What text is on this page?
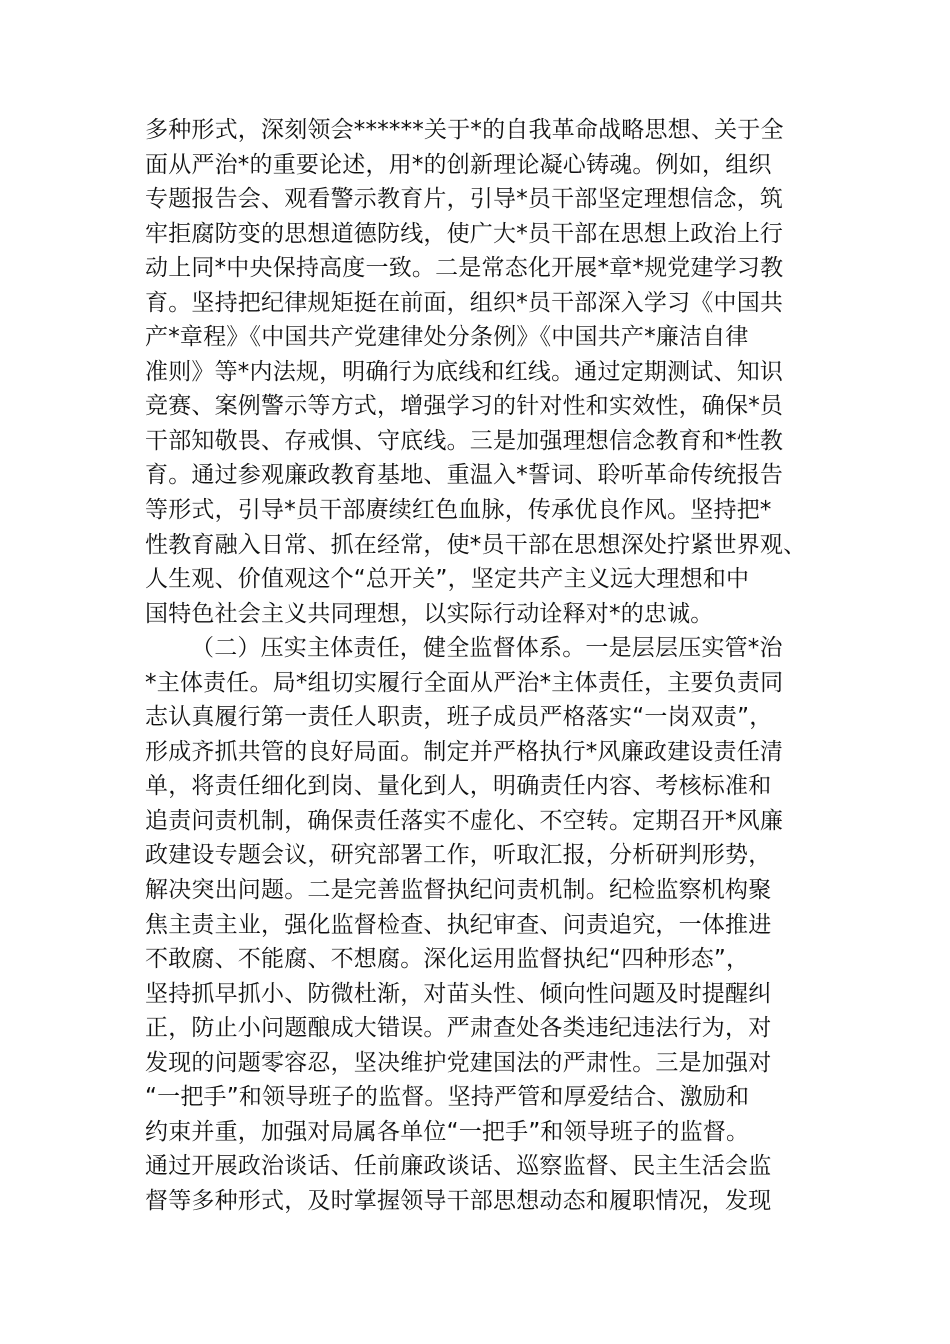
多种形式，深刻领会******关于*的自我革命战略思想、关于全
面从严治*的重要论述，用*的创新理论凝心铸魂。例如，组织
专题报告会、观看警示教育片，引导*员干部坚定理想信念，筑
牢拒腐防变的思想道德防线，使广大*员干部在思想上政治上行
动上同*中央保持高度一致。二是常态化开展*章*规党建学习教
育。坚持把纪律规矩挺在前面，组织*员干部深入学习《中国共
产*章程》《中国共产党建律处分条例》《中国共产*廉洁自律
准则》等*内法规，明确行为底线和红线。通过定期测试、知识
竞赛、案例警示等方式，增强学习的针对性和实效性，确保*员
干部知敬畏、存戒惧、守底线。三是加强理想信念教育和*性教
育。通过参观廉政教育基地、重温入*誓词、聆听革命传统报告
等形式，引导*员干部赓续红色血脉，传承优良作风。坚持把*
性教育融入日常、抓在经常，使*员干部在思想深处拧紧世界观、
人生观、价值观这个“总开关”，坚定共产主义远大理想和中
国特色社会主义共同理想，以实际行动诠释对*的忠诚。
（二）压实主体责任，健全监督体系。一是层层压实管*治
*主体责任。局*组切实履行全面从严治*主体责任，主要负责同
志认真履行第一责任人职责，班子成员严格落实“一岗双责”，
形成齐抓共管的良好局面。制定并严格执行*风廉政建设责任清
单，将责任细化到岗、量化到人，明确责任内容、考核标准和
追责问责机制，确保责任落实不虚化、不空转。定期召开*风廉
政建设专题会议，研究部署工作，听取汇报，分析研判形势，
解决突出问题。二是完善监督执纪问责机制。纪检监察机构聚
焦主责主业，强化监督检查、执纪审查、问责追究，一体推进
不敢腐、不能腐、不想腐。深化运用监督执纪“四种形态”，
坚持抓早抓小、防微杜渐，对苗头性、倾向性问题及时提醒纠
正，防止小问题酿成大错误。严肃查处各类违纪违法行为，对
发现的问题零容忍，坚决维护党建国法的严肃性。三是加强对
“一把手”和领导班子的监督。坚持严管和厚爱结合、激励和
约束并重，加强对局属各单位“一把手”和领导班子的监督。
通过开展政治谈话、任前廉政谈话、巡察监督、民主生活会监
督等多种形式，及时掌握领导干部思想动态和履职情况，发现
